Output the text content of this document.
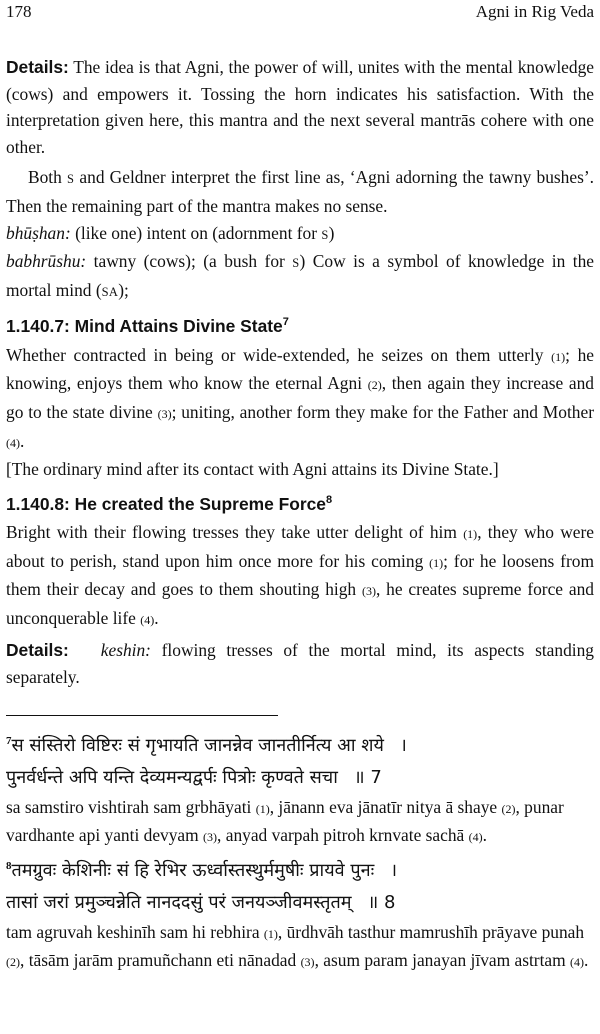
178	Agni in Rig Veda

Details: The idea is that Agni, the power of will, unites with the mental knowledge (cows) and empowers it. Tossing the horn indicates his satisfaction. With the interpretation given here, this mantra and the next several mantrās cohere with one other.

Both S and Geldner interpret the first line as, ‘Agni adorning the tawny bushes’. Then the remaining part of the mantra makes no sense.

bhūṣhan: (like one) intent on (adornment for S)

babhrūshu: tawny (cows); (a bush for S) Cow is a symbol of knowledge in the mortal mind (SA);

1.140.7: Mind Attains Divine State$^7$

Whether contracted in being or wide-extended, he seizes on them utterly (1); he knowing, enjoys them who know the eternal Agni (2), then again they increase and go to the state divine (3); uniting, another form they make for the Father and Mother (4).

[The ordinary mind after its contact with Agni attains its Divine State.]

1.140.8: He created the Supreme Force$^8$

Bright with their flowing tresses they take utter delight of him (1), they who were about to perish, stand upon him once more for his coming (1); for he loosens from them their decay and goes to them shouting high (3), he creates supreme force and unconquerable life (4).

Details: keshin: flowing tresses of the mortal mind, its aspects standing separately.

$^7$स संस्तिरो विष्टिरः सं गृभायति जानन्नेव जानतीर्नित्य आ शये ।
पुनर्वर्धन्ते अपि यन्ति देव्यमन्यद्वर्पः पित्रोः कृण्वते सचा ॥ 7
sa samstiro vishtirah sam grbhāyati (1), jānann eva jānatīr nitya ā shaye (2), punar vardhante api yanti devyam (3), anyad varpah pitroh krnvate sachā (4).
$^8$तमग्रुवः केशिनीः सं हि रेभिर ऊर्ध्वास्तस्थुर्ममुषीः प्रायवे पुनः ।
तासां जरां प्रमुञ्चन्नेति नानददसुं परं जनयञ्जीवमस्तृतम् ॥ 8
tam agruvah keshinīh sam hi rebhira (1), ūrdhvāh tasthur mamrushīh prāyave punah (2), tāsām jarām pramuñchann eti nānadad (3), asum param janayan jīvam astrtam (4).
